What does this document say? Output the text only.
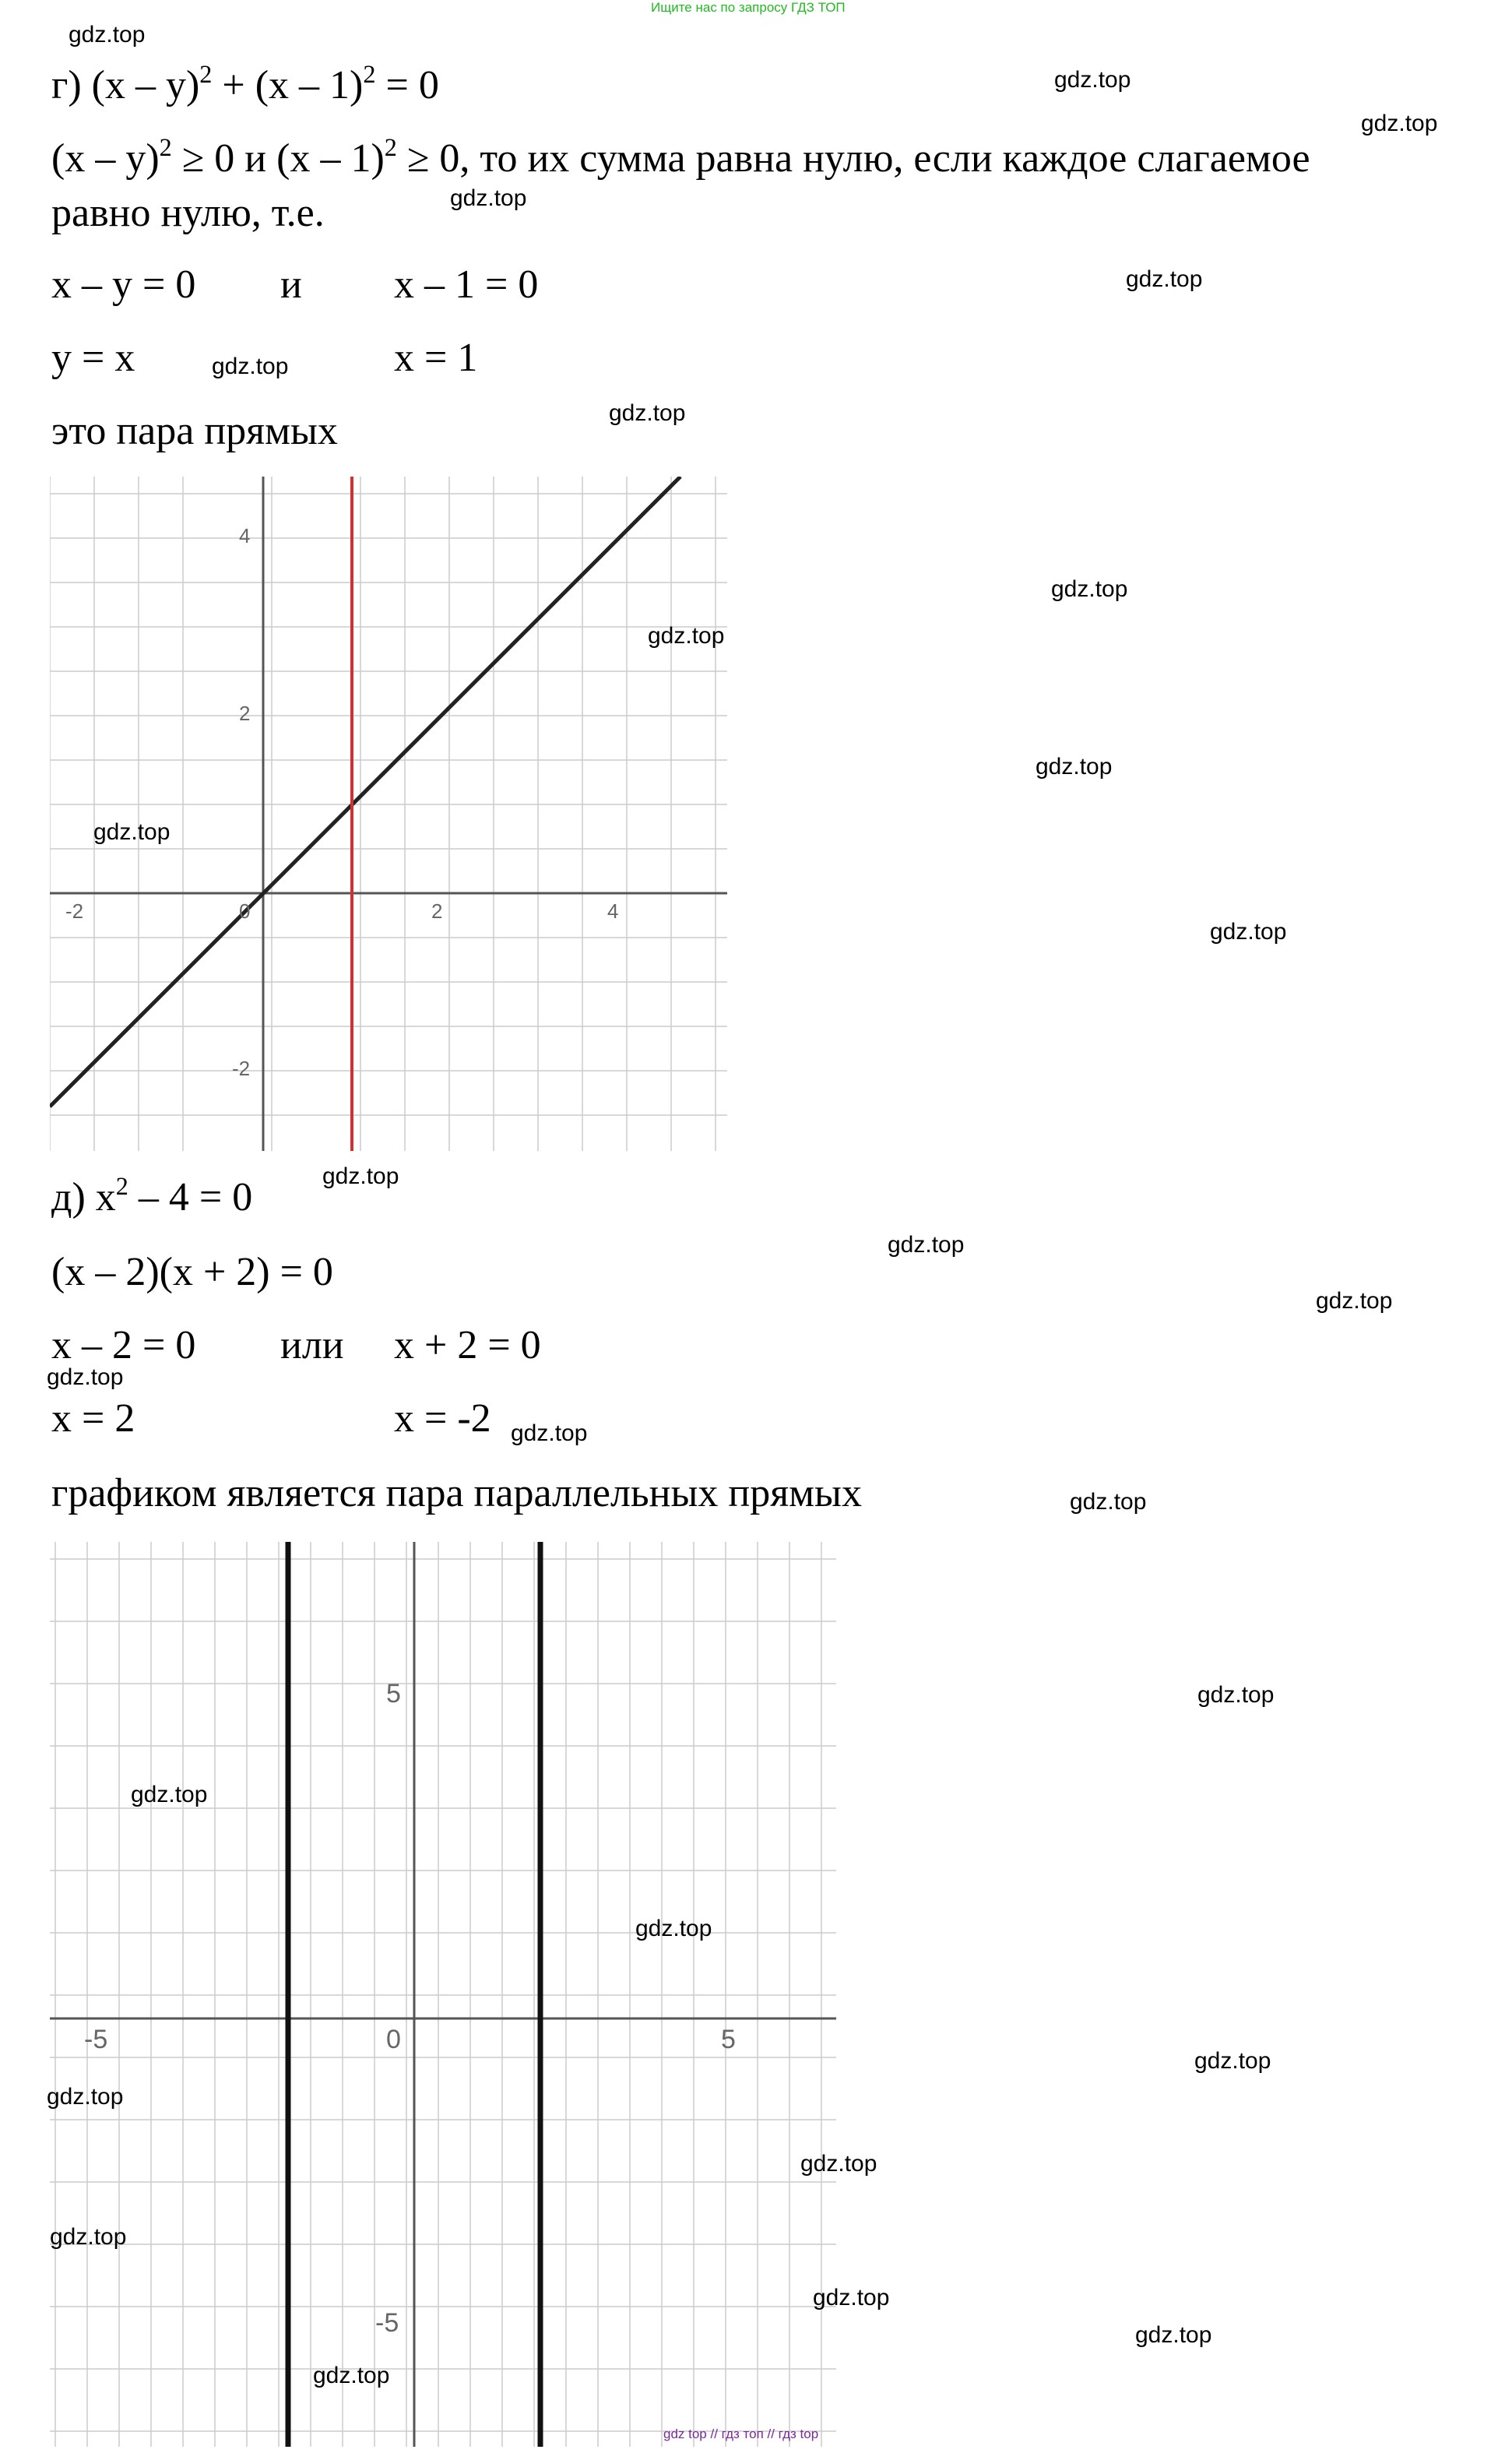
Ищите нас по запросу ГДЗ ТОП
г) (x – y)$^2$ + (x – 1)$^2$ = 0
(x – y)$^2$ ≥ 0 и (x – 1)$^2$ ≥ 0, то их сумма равна нулю, если каждое слагаемое
равно нулю, т.е.
x – y = 0 и x – 1 = 0
y = x	x = 1
это пара прямых
-2	0	2	4
4
2
-2
д) $x^2 - 4 = 0$
(x – 2)(x + 2) = 0
x – 2 = 0 или x + 2 = 0
x = 2	x = -2
графиком является пара параллельных прямых
-5	0	5
5
-5
gdz.top
gdz.top
gdz.top
gdz.top
gdz.top
gdz.top
gdz.top
gdz.top
gdz.top
gdz.top
gdz.top
gdz.top
gdz.top
gdz.top
gdz.top
gdz.top
gdz.top
gdz.top
gdz.top
gdz.top
gdz.top
gdz.top
gdz.top
gdz.top
gdz.top
gdz.top
gdz.top
gdz.top
gdz top // гдз топ // гдз top
